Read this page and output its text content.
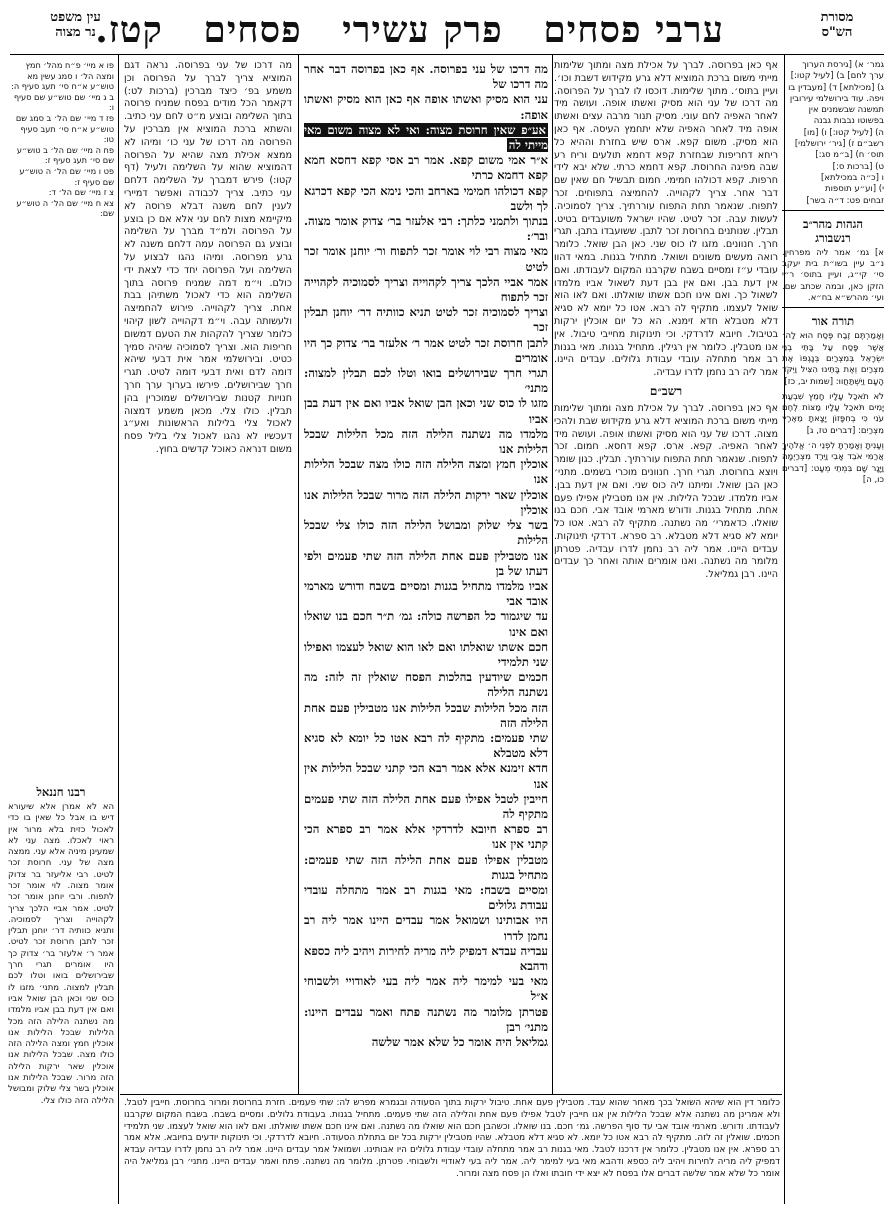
מסורת
הש"ס
ערבי פסחים   פרק עשירי   פסחים   קטז.
עין משפט
נר מצוה
גמר׳ א) [גירסת הערוך
ערך לחם] ב) [לעיל קטו:]
ג) [מכילתא] ד) [מעבדין בו
ויפה. עוד בירושלמי עירובין
תמשנה שבשמנים אין
בפשוטו נבבות גבנה
ה) [לעיל קטו:] ו) [מו]
רשב״ם ז) [גיר׳ ירושלמי]
תוס׳ ח) [ב״מ סג:]
ט) [ברכות ס:]
ו [כ״ה במכילתא]
י) [וע״ע תוספות
זבחים פט: ד״ה בשר]
הגהות מהר״ב
רנשבורג
א] גמ׳ אמר ליה מפרחין. נ״ב עיין בשו״ת בית יעקב סי׳ קי״ג, ועיין בתוס׳ ר״י הזקן כאן, ובמה שכתב שם. ועי׳ מהרש״א בח״א.
תורה אור
וְאָמַרְתֶּם זֶבַח פֶּסַח הוּא לַה׳ אֲשֶׁר פָּסַח עַל בָּתֵּי בְנֵי יִשְׂרָאֵל בְּמִצְרַיִם בְּנָגְפּוֹ אֶת מִצְרַיִם וְאֶת בָּתֵּינוּ הִצִּיל וַיִּקֹּד הָעָם וַיִּשְׁתַּחֲווּ: [שמות יב, כז]
לֹא תֹאכַל עָלָיו חָמֵץ שִׁבְעַת יָמִים תֹּאכַל עָלָיו מַצּוֹת לֶחֶם עֹנִי כִּי בְחִפָּזוֹן יָצָאתָ מֵאֶרֶץ מִצְרַיִם: [דברים טז, ג]
וְעָנִיתָ וְאָמַרְתָּ לִפְנֵי ה׳ אֱלֹהֶיךָ אֲרַמִּי אֹבֵד אָבִי וַיֵּרֶד מִצְרַיְמָה וַיָּגָר שָׁם בִּמְתֵי מְעָט: [דברים כו, ה]
פו א מיי׳ פ״ח מהל׳ חמץ ומצה הל׳ ו סמג עשין מא טוש״ע א״ח סי׳ תעג סעיף ה:
ב ג מיי׳ שם טוש״ע שם סעיף ו:
פז ד מיי׳ שם הל׳ ב סמג שם טוש״ע א״ח סי׳ תעב סעיף טו:
פח ה מיי׳ שם הל׳ ב טוש״ע שם סי׳ תעג סעיף ז:
פט ו מיי׳ שם הל׳ ה טוש״ע שם סעיף ז:
צ ז מיי׳ שם הל׳ ד:
צא ח מיי׳ שם הל׳ ה טוש״ע שם:
רבנו חננאל
הא לא אמרן אלא שיעורא דיש בו אבל כל שאין בו כדי לאכול כזית בלא מרור אין ראוי לאכלו. מצה עני לא שמעינן מיניה אלא עני. ממצה מצה של עני. חרוסת זכר לטיט. רבי אליעזר בר צדוק אומר מצוה. לוי אומר זכר לתפוח. ורבי יוחנן אומר זכר לטיט. אמר אביי הלכך צריך לקהוייה וצריך לסמוכיה. ותניא כוותיה דר׳ יוחנן תבלין זכר לתבן חרוסת זכר לטיט. אמר ר׳ אלעזר בר׳ צדוק כך היו אומרים תגרי חרך שבירושלים בואו וטלו לכם תבלין למצוה. מתני׳ מזגו לו כוס שני וכאן הבן שואל אביו ואם אין דעת בבן אביו מלמדו מה נשתנה הלילה הזה מכל הלילות שבכל הלילות אנו אוכלין חמץ ומצה הלילה הזה כולו מצה. שבכל הלילות אנו אוכלין שאר ירקות הלילה הזה מרור. שבכל הלילות אנו אוכלין בשר צלי שלוק ומבושל הלילה הזה כולו צלי.
מה דרכו של עני בפרוסה. נראה דגם המוציא צריך לברך על הפרוסה וכן משמע בפ׳ כיצד מברכין (ברכות לט:) דקאמר הכל מודים בפסח שמניח פרוסה בתוך השלימה ובוצע מ״ט לחם עני כתיב. והשתא ברכת המוציא אין מברכין על הפרוסה מה דרכו של עני כו׳ ומיהו לא ממצא אכילת מצה שהיא על הפרוסה דהמוציא שהוא על השלימה ולעיל (דף קטו:) פירש דמברך על השלימה דלחם עני כתיב. צריך לכבודה ואפשר דמיירי לענין לחם משנה דבלא פרוסה לא מיקיימא מצות לחם עני אלא אם כן בוצע על הפרוסה ולמ״ד מברך על השלימה ובוצע גם הפרוסה עמה דלחם משנה לא גרע מפרוסה. ומיהו נהגו לבצוע על השלימה ועל הפרוסה יחד כדי לצאת ידי כולם. וי״מ דמה שמניח פרוסה בתוך השלימה הוא כדי לאכול משתיהן בבת אחת. צריך לקהוייה. פירוש להחמיצה ולעשותה עבה. וי״מ דקהוייה לשון קיהוי כלומר שצריך להקהות את הטעם דמשום חריפות הוא. וצריך לסמוכיה שיהיה סמיך כטיט. ובירושלמי אמר אית דבעי שיהא דומה לדם ואית דבעי דומה לטיט. תגרי חרך שבירושלים. פירשו בערוך ערך חרך חנויות קטנות שבירושלים שמוכרין בהן תבלין. כולו צלי. מכאן משמע דמצוה לאכול צלי בלילות הראשונות ואע״ג דעכשיו לא נהגו לאכול צלי בליל פסח משום דנראה כאוכל קדשים בחוץ.
אף כאן בפרוסה. לברך על אכילת מצה ומתוך שלימות מייתי משום ברכת המוציא דלא גרע מקידוש דשבת וכו׳. ועיין בתוס׳. מתוך שלימות. דוכסו לו לברך על הפרוסה. מה דרכו של עני הוא מסיק ואשתו אופה. ועושה מיד לאחר האפיה לחם עוני. מסיק תנור מרבה עצים ואשתו אופה מיד לאחר האפיה שלא יתחמץ העיסה. אף כאן הוא מסיק. משום קפא. ארס שיש בחזרת וההיא כל ריחא דחריפות שבחזרת קפא דחמא תולעים וריח רע שבה מפיגה החרוסת. קפא דחמא כרתי. שלא יבא לידי חרפות. קפא דכולהו חמימי. חמום תבשיל חם שאין שם דבר אחר. צריך לקהוייה. להחמיצה בתפוחים. זכר לתפוח. שנאמר תחת התפוח עוררתיך. צריך לסמוכיה. לעשות עבה. זכר לטיט. שהיו ישראל משועבדים בטיט. תבלין. שנותנים בחרוסת זכר לתבן. ששועבדו בתבן. תגרי חרך. חנוונים. מזגו לו כוס שני. כאן הבן שואל. כלומר רואה מעשים משונים ושואל. מתחיל בגנות. במאי דהוו עובדי ע״ז ומסיים בשבח שקרבנו המקום לעבודתו. ואם אין דעת בבן. ואם אין בבן דעת לשאול אביו מלמדו לשאול כך. ואם אינו חכם אשתו שואלתו. ואם לאו הוא שואל לעצמו. מתקיף לה רבא. אטו כל יומא לא סגיא דלא מטבלא חדא זימנא. הא כל יום אוכלין ירקות בטיבול. חיובא לדרדקי. וכי תינוקות מחייבי טיבול. אין אנו מטבלין. כלומר אין רגילין. מתחיל בגנות. מאי בגנות רב אמר מתחלה עובדי עבודת גלולים. עבדים היינו. אמר ליה רב נחמן לדרו עבדיה.
רשב״ם
אף כאן בפרוסה. לברך על אכילת מצה ומתוך שלימות מייתי משום ברכת המוציא דלא גרע מקידוש שבת ולהכי מצוה. דרכו של עני הוא מסיק ואשתו אופה. ועושה מיד לאחר האפיה. קפא. ארס. קפא דחסא. חמום. זכר לתפוח. שנאמר תחת התפוח עוררתיך. תבלין. כגון שומר ויוצא בחרוסת. תגרי חרך. חנוונים מוכרי בשמים. מתני׳ כאן הבן שואל. ומיתנו ליה כוס שני. ואם אין דעת בבן. אביו מלמדו. שבכל הלילות. אין אנו מטבילין אפילו פעם אחת. מתחיל בגנות. ודורש מארמי אובד אבי. חכם בנו שואלו. כדאמרי׳ מה נשתנה. מתקיף לה רבא. אטו כל יומא לא סגיא דלא מטבלא. רב ספרא. דרדקי תינוקות. עבדים היינו. אמר ליה רב נחמן לדרו עבדיה. פטרתן מלומר מה נשתנה. ואנו אומרים אותה ואחר כך עבדים היינו. רבן גמליאל.
מה דרכו של עני בפרוסה. אף כאן בפרוסה דבר אחר מה דרכו של
עני הוא מסיק ואשתו אופה אף כאן הוא מסיק ואשתו אופה:
אע״פ שאין חרוסת מצוה: ואי לא מצוה משום מאי מייתי לה
א״ר אמי משום קפא. אמר רב אסי קפא דחסא חמא קפא דחמא כרתי
קפא דכולהו חמימי בארחב והכי נימא הכי קפא דכרגא לך ולשב
בנתוך ולתמני כלתך: רבי אלעזר בר׳ צדוק אומר מצוה. ובר׳:
מאי מצוה רבי לוי אומר זכר לתפוח ור׳ יוחנן אומר זכר לטיט
אמר אביי הלכך צריך לקהוייה וצריך לסמוכיה לקהוייה זכר לתפוח
וצריך לסמוכיה זכר לטיט תניא כוותיה דר׳ יוחנן תבלין זכר
לתבן חרוסת זכר לטיט אמר ר׳ אלעזר בר׳ צדוק כך היו אומרים
תגרי חרך שבירושלים בואו וטלו לכם תבלין למצוה: מתני׳
מזגו לו כוס שני וכאן הבן שואל אביו ואם אין דעת בבן אביו
מלמדו מה נשתנה הלילה הזה מכל הלילות שבכל הלילות אנו
אוכלין חמץ ומצה הלילה הזה כולו מצה שבכל הלילות אנו
אוכלין שאר ירקות הלילה הזה מרור שבכל הלילות אנו אוכלין
בשר צלי שלוק ומבושל הלילה הזה כולו צלי שבכל הלילות
אנו מטבילין פעם אחת הלילה הזה שתי פעמים ולפי דעתו של בן
אביו מלמדו מתחיל בגנות ומסיים בשבח ודורש מארמי אובד אבי
עד שיגמור כל הפרשה כולה: גמ׳ ת״ר חכם בנו שואלו ואם אינו
חכם אשתו שואלתו ואם לאו הוא שואל לעצמו ואפילו שני תלמידי
חכמים שיודעין בהלכות הפסח שואלין זה לזה: מה נשתנה הלילה
הזה מכל הלילות שבכל הלילות אנו מטבילין פעם אחת הלילה הזה
שתי פעמים: מתקיף לה רבא אטו כל יומא לא סגיא דלא מטבלא
חדא זימנא אלא אמר רבא הכי קתני שבכל הלילות אין אנו
חייבין לטבל אפילו פעם אחת הלילה הזה שתי פעמים מתקיף לה
רב ספרא חיובא לדרדקי אלא אמר רב ספרא הכי קתני אין אנו
מטבלין אפילו פעם אחת הלילה הזה שתי פעמים: מתחיל בגנות
ומסיים בשבח: מאי בגנות רב אמר מתחלה עובדי עבודת גלולים
היו אבותינו ושמואל אמר עבדים היינו אמר ליה רב נחמן לדרו
עבדיה עבדא דמפיק ליה מריה לחירות ויהיב ליה כספא ודהבא
מאי בעי למימר ליה אמר ליה בעי לאודויי ולשבוחי א״ל
פטרתן מלומר מה נשתנה פתח ואמר עבדים היינו: מתני׳ רבן
גמליאל היה אומר כל שלא אמר שלשה
כלומר דין הוא שיהא השואל בכך מאחר שהוא עבד. מטבילין פעם אחת. טיבול ירקות בתוך הסעודה ובגמרא מפרש לה: שתי פעמים. חזרת בחרוסת ומרור בחרוסת. חייבין לטבל. ולא אמרינן מה נשתנה אלא שבכל הלילות אין אנו חייבין לטבל אפילו פעם אחת והלילה הזה שתי פעמים. מתחיל בגנות. בעבודת גלולים. ומסיים בשבח. בשבח המקום שקרבנו לעבודתו. ודורש. מארמי אובד אבי עד סוף הפרשה. גמ׳ חכם. בנו שואלו. וכשהבן חכם הוא שואלו מה נשתנה. ואם אינו חכם אשתו שואלתו. ואם לאו הוא שואל לעצמו. שני תלמידי חכמים. שואלין זה לזה. מתקיף לה רבא אטו כל יומא. לא סגיא דלא מטבלא. שהיו מטבילין ירקות בכל יום בתחלת הסעודה. חיובא לדרדקי. וכי תינוקות יודעים בחיובא. אלא אמר רב ספרא. אין אנו מטבלין. כלומר אין דרכנו לטבל. מאי בגנות רב אמר מתחלה עובדי עבודת גלולים היו אבותינו. ושמואל אמר עבדים היינו. אמר ליה רב נחמן לדרו עבדיה עבדא דמפיק ליה מריה לחירות ויהיב ליה כספא ודהבא מאי בעי למימר ליה. אמר ליה בעי לאודויי ולשבוחי. פטרתן. מלומר מה נשתנה. פתח ואמר עבדים היינו. מתני׳ רבן גמליאל היה אומר כל שלא אמר שלשה דברים אלו בפסח לא יצא ידי חובתו ואלו הן פסח מצה ומרור.
